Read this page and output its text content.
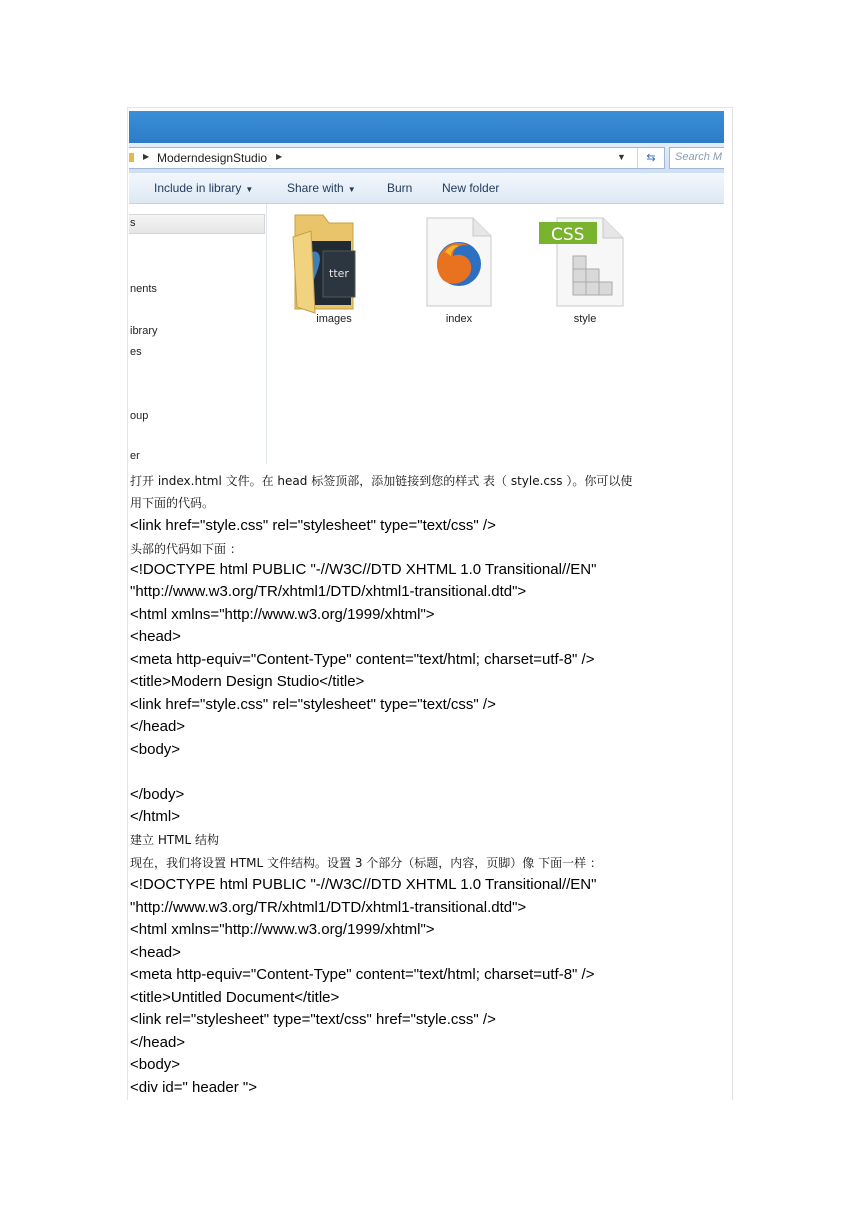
▶ ModerndesignStudio ▶	▼	⇆	Search M
Include in library ▼	Share with ▼	Burn New folder
s
nents
ibrary
es
oup
er
tter
images	index
CSS
style
打开 index.html 文件。在 head 标签顶部，添加链接到您的样式 表（ style.css ）。你可以使
用下面的代码。
<link href="style.css" rel="stylesheet" type="text/css" />
头部的代码如下面 ：
<!DOCTYPE html PUBLIC "-//W3C//DTD XHTML 1.0 Transitional//EN"
"http://www.w3.org/TR/xhtml1/DTD/xhtml1-transitional.dtd">
<html xmlns="http://www.w3.org/1999/xhtml">
<head>
<meta http-equiv="Content-Type" content="text/html; charset=utf-8" />
<title>Modern Design Studio</title>
<link href="style.css" rel="stylesheet" type="text/css" />
</head>
<body>
</body>
</html>
建立 HTML 结构
现在，我们将设置 HTML 文件结构。设置 3 个部分（标题，内容，页脚）像 下面一样 ：
<!DOCTYPE html PUBLIC "-//W3C//DTD XHTML 1.0 Transitional//EN"
"http://www.w3.org/TR/xhtml1/DTD/xhtml1-transitional.dtd">
<html xmlns="http://www.w3.org/1999/xhtml">
<head>
<meta http-equiv="Content-Type" content="text/html; charset=utf-8" />
<title>Untitled Document</title>
<link rel="stylesheet" type="text/css" href="style.css" />
</head>
<body>
<div id=" header ">
